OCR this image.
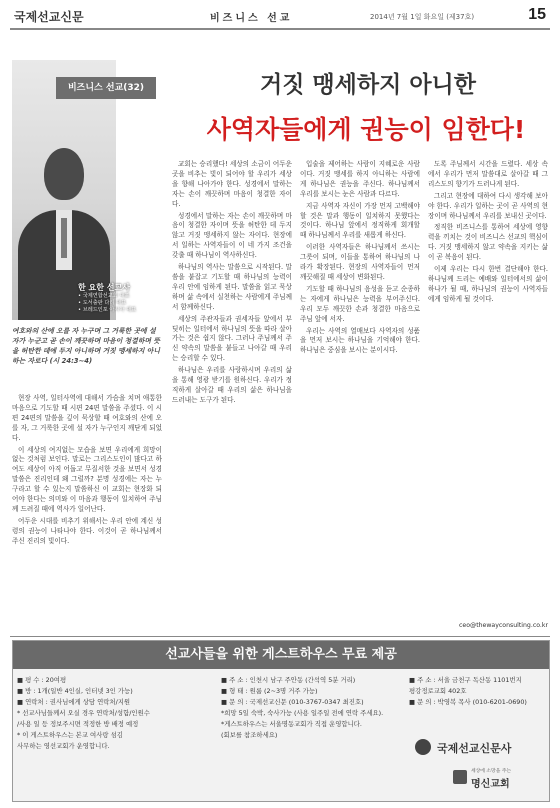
국제선교신문	비즈니스 선교	2014년 7월 1일 화요일 (제37호)	15
비즈니스 선교(32)
한 요한 선교사
• 국제연합선교회 대표
• 도서출판 다리 대표
• 브레드인포 아시아 대표
거짓 맹세하지 아니한
사역자들에게 권능이 임한다!
여호와의 산에 오를 자 누구며 그 거룩한 곳에 설 자가 누군고 곧 손이 깨끗하며 마음이 청결하며 뜻을 허탄한 데에 두지 아니하며 거짓 맹세하지 아니하는 자로다 (시 24:3~4)

현장 사역, 일터사역에 대해서 가슴을 치며 애통한 마음으로 기도할 때 시편 24편 말씀을 주셨다. 이 시편 24편의 말씀을 깊이 묵상할 때 여호와의 산에 오를 자, 그 거룩한 곳에 설 자가 누구인지 깨닫게 되었다.

이 세상의 여지없는 모습을 보면 우리에게 희망이 없는 것처럼 보인다. 말로는 그리스도인이 많다고 하여도 세상이 아직 어둡고 무질서한 것을 보면서 성경말씀은 진리인데 왜 그럴까? 분명 성경에는 자는 누구라고 할 수 있는지 말씀하신 이 교회는 현장화 되어야 한다는 의미와 이 마음과 행동이 일치하여 주님께 드려질 때에 역사가 일어난다.

어두운 시대를 비추기 위해서는 우리 안에 계신 성령의 권능이 나타나야 한다. 이것이 곧 하나님께서 주신 진리의 빛이다.

교회는 승리했다! 세상의 소금이 어두운 곳을 비추는 빛이 되어야 할 우리가 세상을 향해 나아가야 한다. 성경에서 말하는 자는 손이 깨끗하며 마음이 청결한 자이다.

성경에서 말하는 자는 손이 깨끗하며 마음이 청결한 자이며 뜻을 허탄한 데 두지 않고 거짓 맹세하지 않는 자이다. 현장에서 일하는 사역자들이 이 네 가지 조건을 갖출 때 하나님이 역사하신다.

하나님의 역사는 말씀으로 시작된다. 말씀을 붙잡고 기도할 때 하나님의 능력이 우리 안에 임하게 된다. 말씀을 읽고 묵상하며 삶 속에서 실천하는 사람에게 주님께서 함께하신다.

세상의 주관자들과 권세자들 앞에서 부딪히는 일터에서 하나님의 뜻을 따라 살아가는 것은 쉽지 않다. 그러나 주님께서 주신 약속의 말씀을 붙들고 나아갈 때 우리는 승리할 수 있다.

하나님은 우리를 사랑하시며 우리의 삶을 통해 영광 받기를 원하신다. 우리가 정직하게 살아갈 때 우리의 삶은 하나님을 드러내는 도구가 된다.

입술을 제어하는 사람이 지혜로운 사람이다. 거짓 맹세를 하지 아니하는 사람에게 하나님은 권능을 주신다. 하나님께서 우리를 보시는 눈은 사람과 다르다.

지금 사역자 자신이 가장 먼저 고백해야 할 것은 말과 행동이 일치하지 못했다는 것이다. 하나님 앞에서 정직하게 회개할 때 하나님께서 우리를 새롭게 하신다.

이러한 사역자들은 하나님께서 쓰시는 그릇이 되며, 이들을 통하여 하나님의 나라가 확장된다. 현장의 사역자들이 먼저 깨끗해질 때 세상이 변화된다.

기도할 때 하나님의 음성을 듣고 순종하는 자에게 하나님은 능력을 부어주신다. 우리 모두 깨끗한 손과 청결한 마음으로 주님 앞에 서자.

우리는 사역의 열매보다 사역자의 성품을 먼저 보시는 하나님을 기억해야 한다. 하나님은 중심을 보시는 분이시다.

도록 주님께서 시간을 드렸다. 세상 속에서 우리가 먼저 말씀대로 살아갈 때 그리스도의 향기가 드러나게 된다.

그리고 현장에 대하여 다시 생각해 보아야 한다. 우리가 일하는 곳이 곧 사역의 현장이며 하나님께서 우리를 보내신 곳이다.

정직한 비즈니스를 통하여 세상에 영향력을 끼치는 것이 비즈니스 선교의 핵심이다. 거짓 맹세하지 않고 약속을 지키는 삶이 곧 복음이 된다.

이제 우리는 다시 한번 결단해야 한다. 하나님께 드리는 예배와 일터에서의 삶이 하나가 될 때, 하나님의 권능이 사역자들에게 임하게 될 것이다.

ceo@thewayconsulting.co.kr
선교사들을 위한 게스트하우스 무료 제공
■ 평 수 : 20여평
■ 방 : 1개(일반 4인실, 인터넷 3인 가능)
■ 연락처 : 권사님에게 상담 연락처/지원
* 선교사님들께서 오실 경우 연락처/성함/인원수
/사용 일 등 정보주시면 적정한 방 배정 예정
* 이 게스트하우스는 본교 여사랑 섬김
사무하는 영선교회가 운영합니다.
■ 주 소 : 인천시 남구 주안동 (간석역 5분 거리)
■ 형 태 : 원룸 (2~3명 거주 가능)
■ 문 의 : 국제선교신문 (010-3767-0347 최진호)
*희망 5일 숙박, 숙사가능 (사용 일주일 전에 연락 주세요).
*게스트하우스는 서울명동교회가 직접 운영합니다.
(회보를 참조하세요)
■ 주 소 : 서울 금천구 독산동 1101번지
평강정로교회 402호
■ 문 의 : 박영복 목사 (010-6201-0690)
국제선교신문사
세상에 소망을 주는
명신교회
